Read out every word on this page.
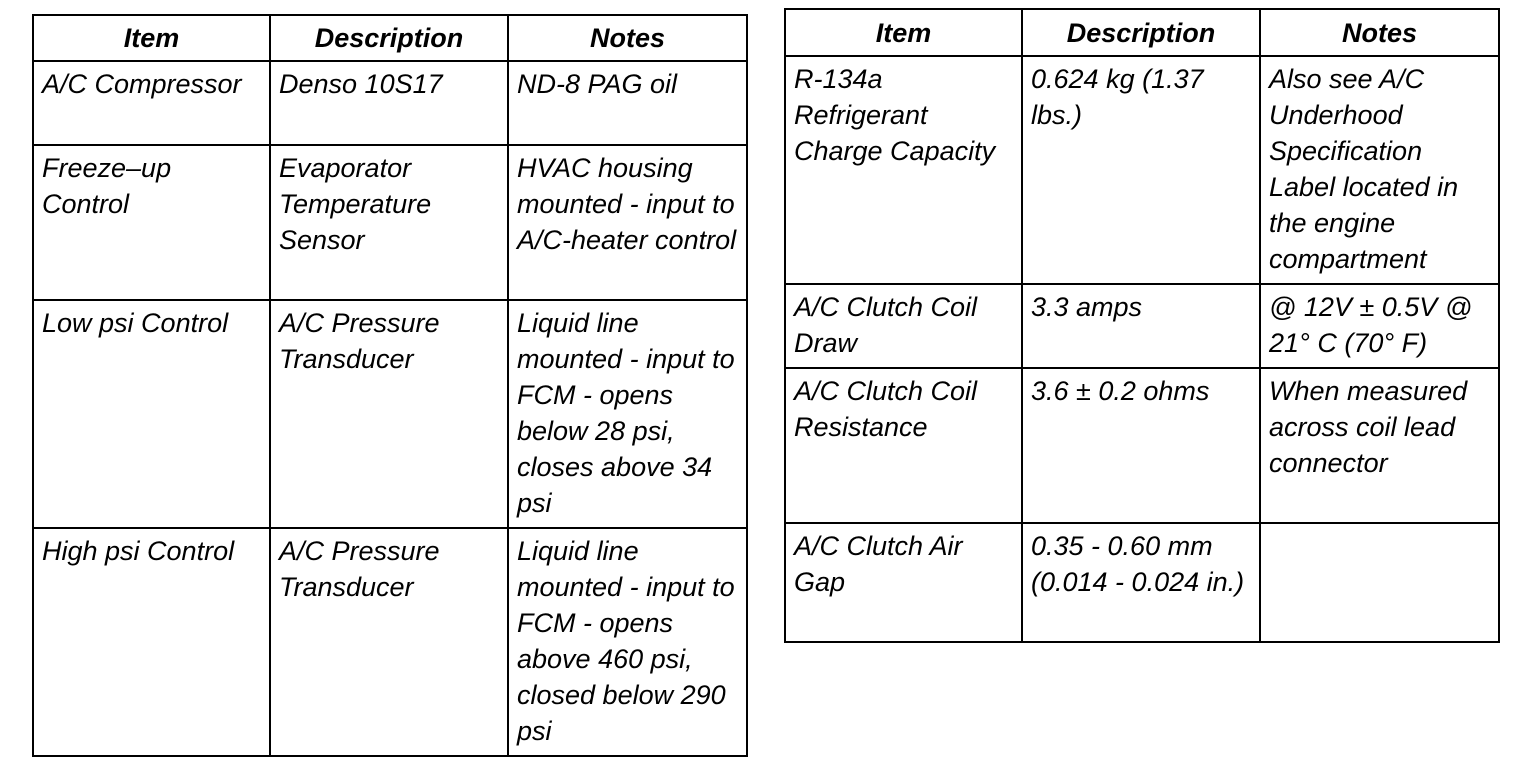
Item	Description	Notes
A/C Compressor	Denso 10S17	ND-8 PAG oil
Freeze–up Control	Evaporator Temperature Sensor	HVAC housing mounted - input to A/C-heater control
Low psi Control	A/C Pressure Transducer	Liquid line mounted - input to FCM - opens below 28 psi, closes above 34 psi
High psi Control	A/C Pressure Transducer	Liquid line mounted - input to FCM - opens above 460 psi, closed below 290 psi
Item	Description	Notes
R-134a Refrigerant Charge Capacity	0.624 kg (1.37 lbs.)	Also see A/C Underhood Specification Label located in the engine compartment
A/C Clutch Coil Draw	3.3 amps	@ 12V ± 0.5V @ 21° C (70° F)
A/C Clutch Coil Resistance	3.6 ± 0.2 ohms	When measured across coil lead connector
A/C Clutch Air Gap	0.35 - 0.60 mm (0.014 - 0.024 in.)	
